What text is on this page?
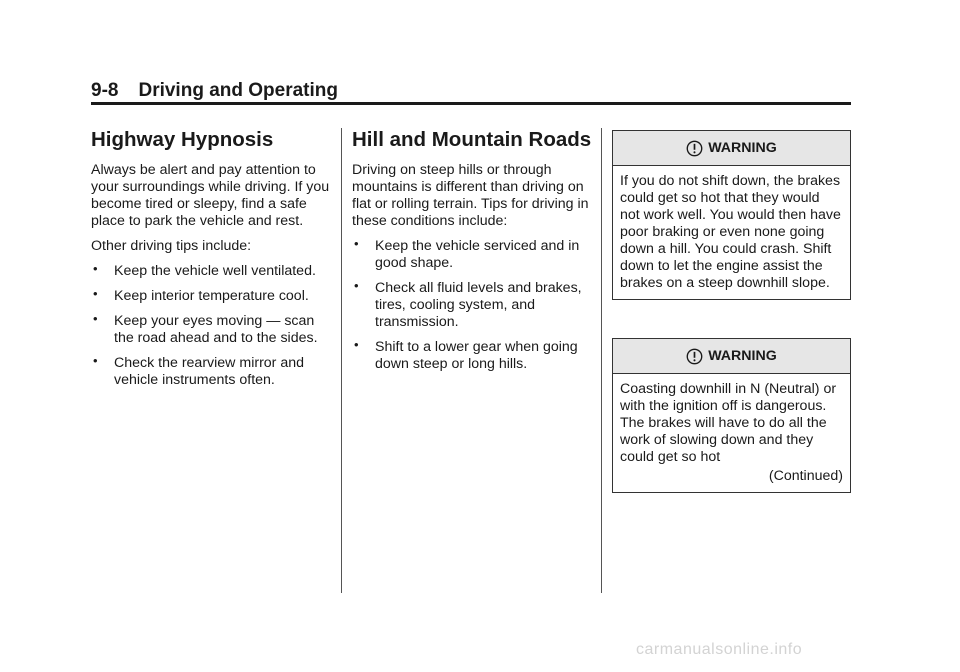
9-8 Driving and Operating
Highway Hypnosis

Always be alert and pay attention to your surroundings while driving. If you become tired or sleepy, find a safe place to park the vehicle and rest.

Other driving tips include:

• Keep the vehicle well ventilated.
• Keep interior temperature cool.
• Keep your eyes moving — scan the road ahead and to the sides.
• Check the rearview mirror and vehicle instruments often.
Hill and Mountain Roads

Driving on steep hills or through mountains is different than driving on flat or rolling terrain. Tips for driving in these conditions include:

• Keep the vehicle serviced and in good shape.
• Check all fluid levels and brakes, tires, cooling system, and transmission.
• Shift to a lower gear when going down steep or long hills.
WARNING
If you do not shift down, the brakes could get so hot that they would not work well. You would then have poor braking or even none going down a hill. You could crash. Shift down to let the engine assist the brakes on a steep downhill slope.
WARNING
Coasting downhill in N (Neutral) or with the ignition off is dangerous. The brakes will have to do all the work of slowing down and they could get so hot
(Continued)
carmanualsonline.info
